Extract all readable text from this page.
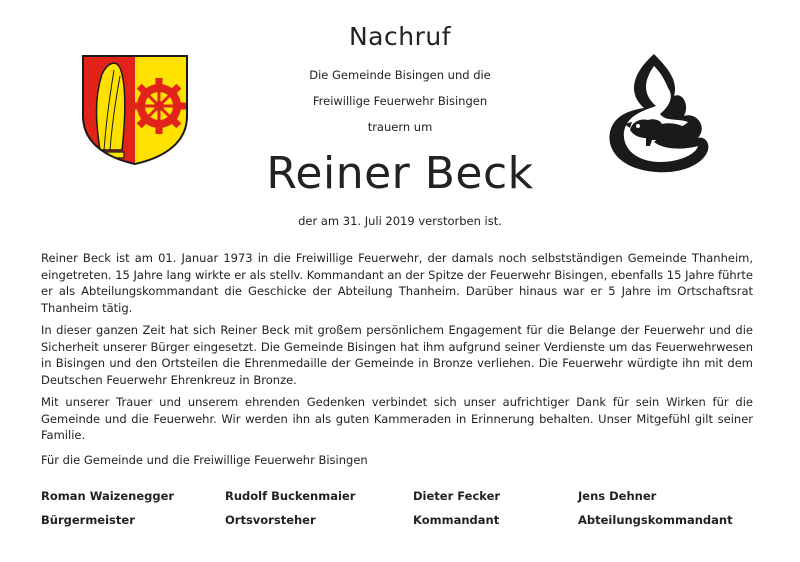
Nachruf
Die Gemeinde Bisingen und die
Freiwillige Feuerwehr Bisingen
trauern um
Reiner Beck
der am 31. Juli 2019 verstorben ist.

Reiner Beck ist am 01. Januar 1973 in die Freiwillige Feuerwehr, der damals noch selbstständigen Gemeinde Thanheim, eingetreten. 15 Jahre lang wirkte er als stellv. Kommandant an der Spitze der Feuerwehr Bisingen, ebenfalls 15 Jahre führte er als Abteilungskommandant die Geschicke der Abteilung Thanheim. Darüber hinaus war er 5 Jahre im Ortschaftsrat Thanheim tätig.

In dieser ganzen Zeit hat sich Reiner Beck mit großem persönlichem Engagement für die Belange der Feuerwehr und die Sicherheit unserer Bürger eingesetzt. Die Gemeinde Bisingen hat ihm aufgrund seiner Verdienste um das Feuerwehrwesen in Bisingen und den Ortsteilen die Ehrenmedaille der Gemeinde in Bronze verliehen. Die Feuerwehr würdigte ihn mit dem Deutschen Feuerwehr Ehrenkreuz in Bronze.

Mit unserer Trauer und unserem ehrenden Gedenken verbindet sich unser aufrichtiger Dank für sein Wirken für die Gemeinde und die Feuerwehr. Wir werden ihn als guten Kammeraden in Erinnerung behalten. Unser Mitgefühl gilt seiner Familie.

Für die Gemeinde und die Freiwillige Feuerwehr Bisingen

Roman Waizenegger	Rudolf Buckenmaier	Dieter Fecker	Jens Dehner
Bürgermeister	Ortsvorsteher	Kommandant	Abteilungskommandant
